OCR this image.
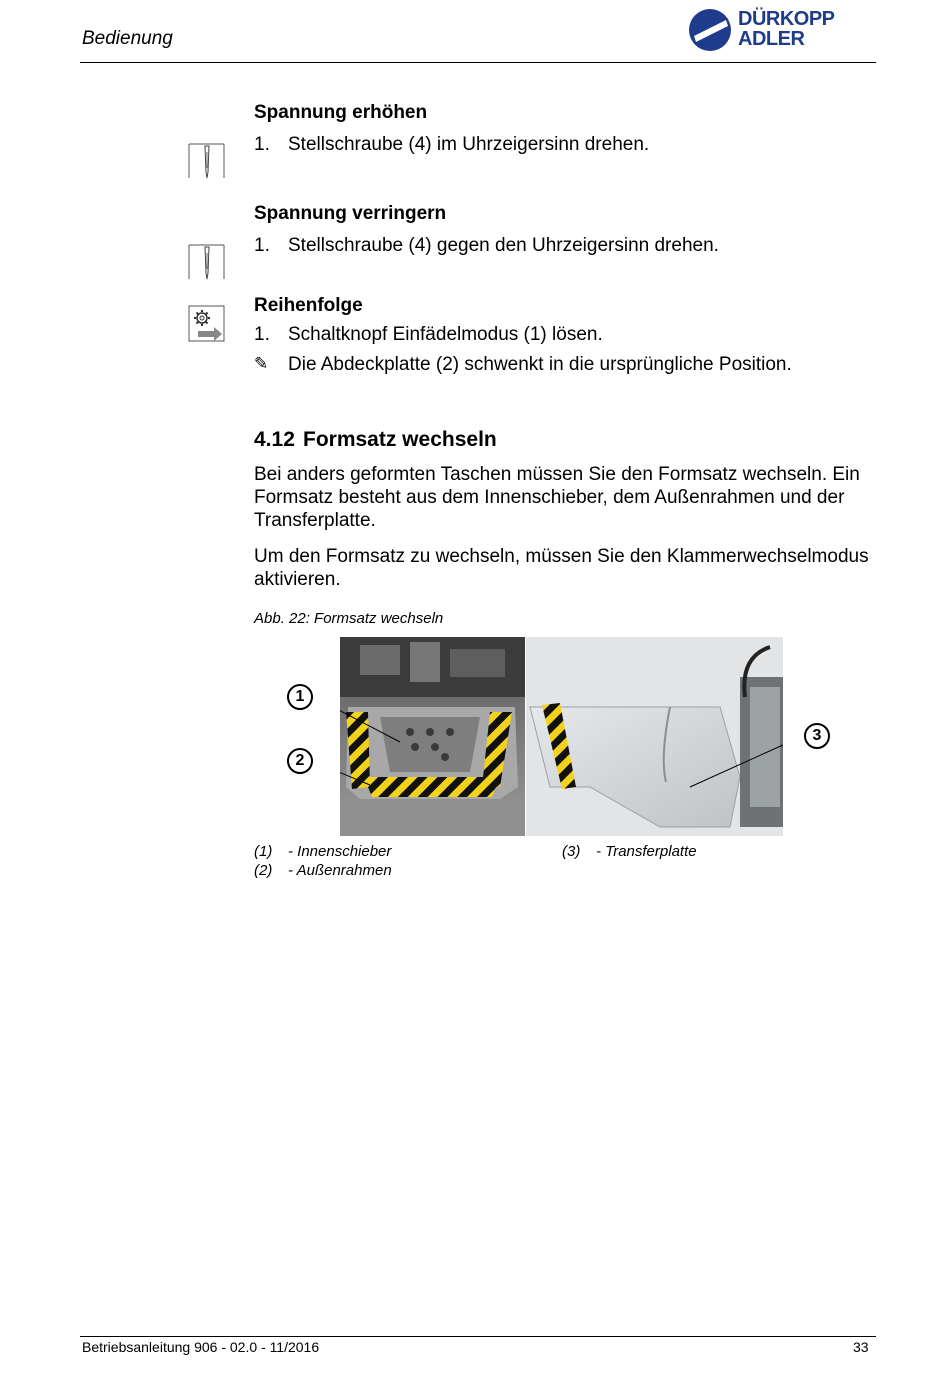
Bedienung
DÜRKOPP
ADLER
Spannung erhöhen
1. Stellschraube (4) im Uhrzeigersinn drehen.
Spannung verringern
1. Stellschraube (4) gegen den Uhrzeigersinn drehen.
Reihenfolge
1. Schaltknopf Einfädelmodus (1) lösen.
✎ Die Abdeckplatte (2) schwenkt in die ursprüngliche Position.
4.12 Formsatz wechseln
Bei anders geformten Taschen müssen Sie den Formsatz wechseln. Ein Formsatz besteht aus dem Innenschieber, dem Außenrahmen und der Transferplatte.
Um den Formsatz zu wechseln, müssen Sie den Klammerwechselmodus aktivieren.
Abb. 22: Formsatz wechseln
1
2
3
(1) - Innenschieber
(2) - Außenrahmen
(3) - Transferplatte
Betriebsanleitung 906 - 02.0 - 11/2016	33
